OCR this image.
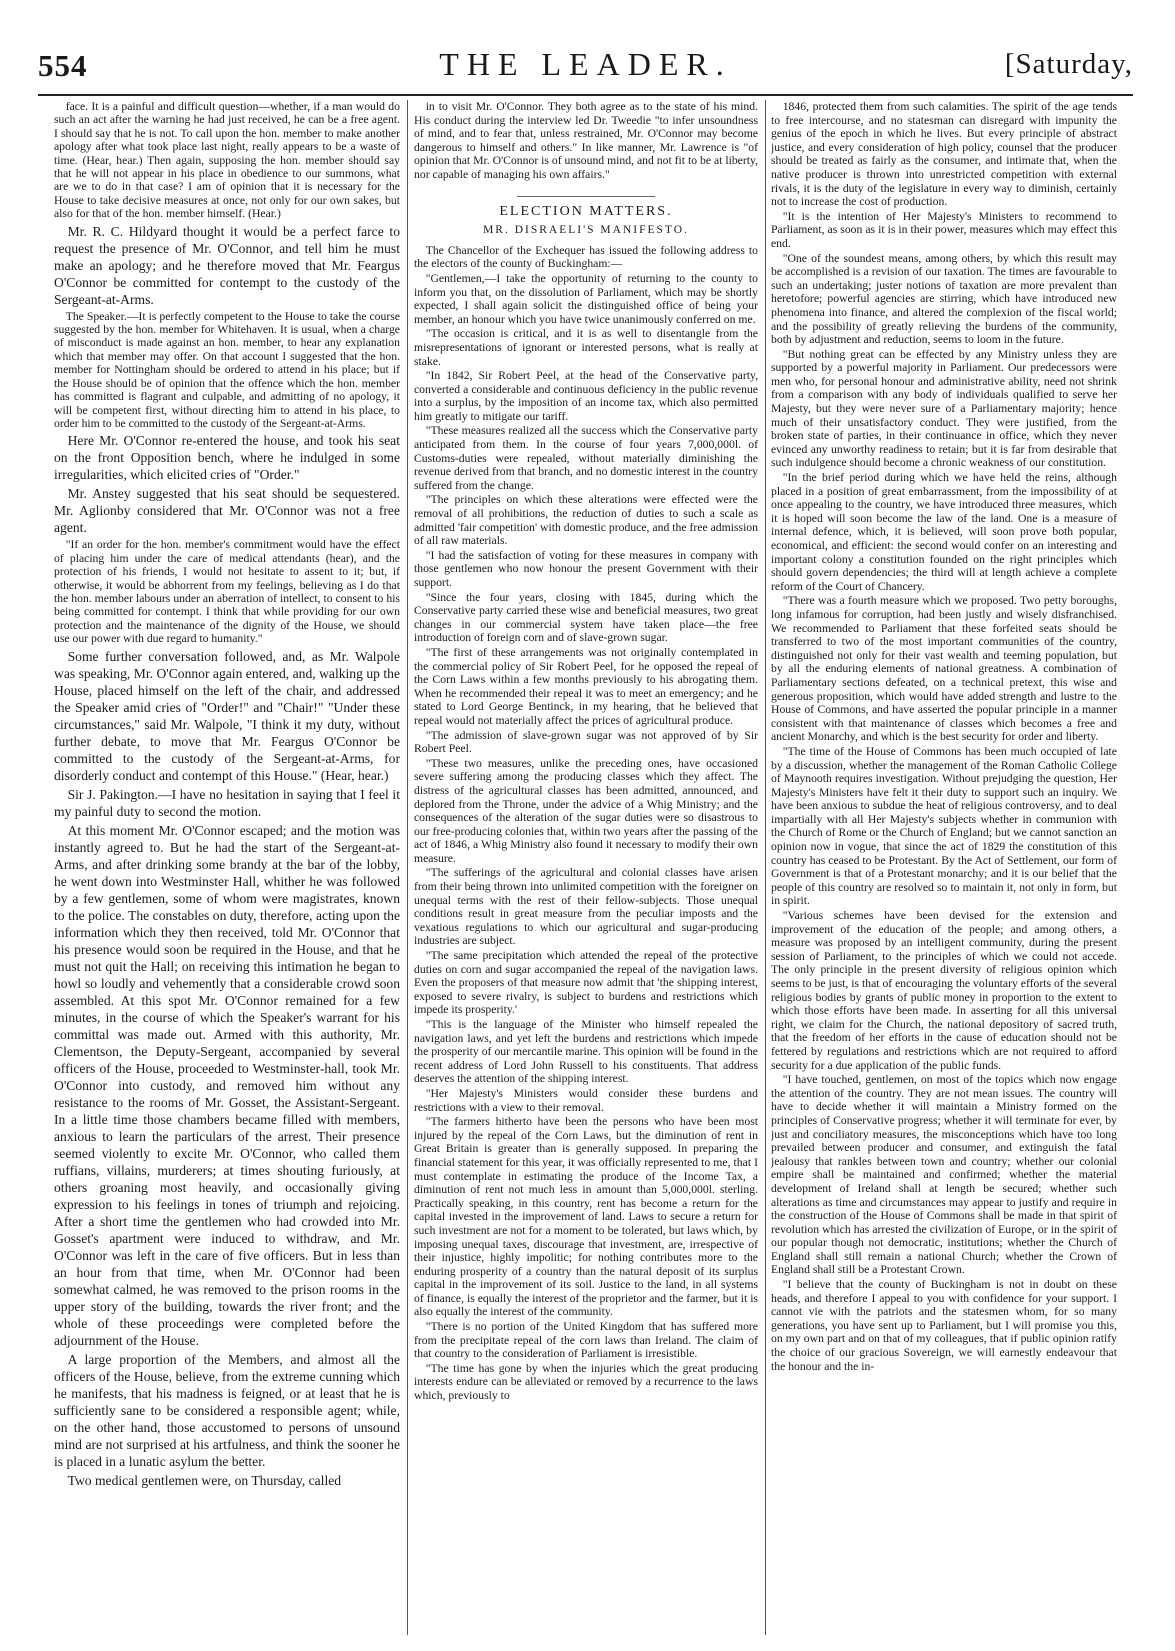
554	THE LEADER.	[Saturday,

face. It is a painful and difficult question—whether, if a man would do such an act after the warning he had just received, he can be a free agent. I should say that he is not. To call upon the hon. member to make another apology after what took place last night, really appears to be a waste of time. (Hear, hear.) Then again, supposing the hon. member should say that he will not appear in his place in obedience to our summons, what are we to do in that case? I am of opinion that it is necessary for the House to take decisive measures at once, not only for our own sakes, but also for that of the hon. member himself. (Hear.)

Mr. R. C. Hildyard thought it would be a perfect farce to request the presence of Mr. O'Connor, and tell him he must make an apology; and he therefore moved that Mr. Feargus O'Connor be committed for contempt to the custody of the Sergeant-at-Arms.

The Speaker.—It is perfectly competent to the House to take the course suggested by the hon. member for Whitehaven. It is usual, when a charge of misconduct is made against an hon. member, to hear any explanation which that member may offer. On that account I suggested that the hon. member for Nottingham should be ordered to attend in his place; but if the House should be of opinion that the offence which the hon. member has committed is flagrant and culpable, and admitting of no apology, it will be competent first, without directing him to attend in his place, to order him to be committed to the custody of the Sergeant-at-Arms.

Here Mr. O'Connor re-entered the house, and took his seat on the front Opposition bench, where he indulged in some irregularities, which elicited cries of "Order."

Mr. Anstey suggested that his seat should be sequestered. Mr. Aglionby considered that Mr. O'Connor was not a free agent.

"If an order for the hon. member's commitment would have the effect of placing him under the care of medical attendants (hear), and the protection of his friends, I would not hesitate to assent to it; but, if otherwise, it would be abhorrent from my feelings, believing as I do that the hon. member labours under an aberration of intellect, to consent to his being committed for contempt. I think that while providing for our own protection and the maintenance of the dignity of the House, we should use our power with due regard to humanity."

Some further conversation followed, and, as Mr. Walpole was speaking, Mr. O'Connor again entered, and, walking up the House, placed himself on the left of the chair, and addressed the Speaker amid cries of "Order!" and "Chair!" "Under these circumstances," said Mr. Walpole, "I think it my duty, without further debate, to move that Mr. Feargus O'Connor be committed to the custody of the Sergeant-at-Arms, for disorderly conduct and contempt of this House." (Hear, hear.)

Sir J. Pakington.—I have no hesitation in saying that I feel it my painful duty to second the motion.

At this moment Mr. O'Connor escaped; and the motion was instantly agreed to. But he had the start of the Sergeant-at-Arms, and after drinking some brandy at the bar of the lobby, he went down into Westminster Hall, whither he was followed by a few gentlemen, some of whom were magistrates, known to the police. The constables on duty, therefore, acting upon the information which they then received, told Mr. O'Connor that his presence would soon be required in the House, and that he must not quit the Hall; on receiving this intimation he began to howl so loudly and vehemently that a considerable crowd soon assembled. At this spot Mr. O'Connor remained for a few minutes, in the course of which the Speaker's warrant for his committal was made out. Armed with this authority, Mr. Clementson, the Deputy-Sergeant, accompanied by several officers of the House, proceeded to Westminster-hall, took Mr. O'Connor into custody, and removed him without any resistance to the rooms of Mr. Gosset, the Assistant-Sergeant. In a little time those chambers became filled with members, anxious to learn the particulars of the arrest. Their presence seemed violently to excite Mr. O'Connor, who called them ruffians, villains, murderers; at times shouting furiously, at others groaning most heavily, and occasionally giving expression to his feelings in tones of triumph and rejoicing. After a short time the gentlemen who had crowded into Mr. Gosset's apartment were induced to withdraw, and Mr. O'Connor was left in the care of five officers. But in less than an hour from that time, when Mr. O'Connor had been somewhat calmed, he was removed to the prison rooms in the upper story of the building, towards the river front; and the whole of these proceedings were completed before the adjournment of the House.

A large proportion of the Members, and almost all the officers of the House, believe, from the extreme cunning which he manifests, that his madness is feigned, or at least that he is sufficiently sane to be considered a responsible agent; while, on the other hand, those accustomed to persons of unsound mind are not surprised at his artfulness, and think the sooner he is placed in a lunatic asylum the better.

Two medical gentlemen were, on Thursday, called

in to visit Mr. O'Connor. They both agree as to the state of his mind. His conduct during the interview led Dr. Tweedie "to infer unsoundness of mind, and to fear that, unless restrained, Mr. O'Connor may become dangerous to himself and others." In like manner, Mr. Lawrence is "of opinion that Mr. O'Connor is of unsound mind, and not fit to be at liberty, nor capable of managing his own affairs."

ELECTION MATTERS.

MR. DISRAELI'S MANIFESTO.

The Chancellor of the Exchequer has issued the following address to the electors of the county of Buckingham:—

"Gentlemen,—I take the opportunity of returning to the county to inform you that, on the dissolution of Parliament, which may be shortly expected, I shall again solicit the distinguished office of being your member, an honour which you have twice unanimously conferred on me.

"The occasion is critical, and it is as well to disentangle from the misrepresentations of ignorant or interested persons, what is really at stake.

"In 1842, Sir Robert Peel, at the head of the Conservative party, converted a considerable and continuous deficiency in the public revenue into a surplus, by the imposition of an income tax, which also permitted him greatly to mitigate our tariff.

"These measures realized all the success which the Conservative party anticipated from them. In the course of four years 7,000,000l. of Customs-duties were repealed, without materially diminishing the revenue derived from that branch, and no domestic interest in the country suffered from the change.

"The principles on which these alterations were effected were the removal of all prohibitions, the reduction of duties to such a scale as admitted 'fair competition' with domestic produce, and the free admission of all raw materials.

"I had the satisfaction of voting for these measures in company with those gentlemen who now honour the present Government with their support.

"Since the four years, closing with 1845, during which the Conservative party carried these wise and beneficial measures, two great changes in our commercial system have taken place—the free introduction of foreign corn and of slave-grown sugar.

"The first of these arrangements was not originally contemplated in the commercial policy of Sir Robert Peel, for he opposed the repeal of the Corn Laws within a few months previously to his abrogating them. When he recommended their repeal it was to meet an emergency; and he stated to Lord George Bentinck, in my hearing, that he believed that repeal would not materially affect the prices of agricultural produce.

"The admission of slave-grown sugar was not approved of by Sir Robert Peel.

"These two measures, unlike the preceding ones, have occasioned severe suffering among the producing classes which they affect. The distress of the agricultural classes has been admitted, announced, and deplored from the Throne, under the advice of a Whig Ministry; and the consequences of the alteration of the sugar duties were so disastrous to our free-producing colonies that, within two years after the passing of the act of 1846, a Whig Ministry also found it necessary to modify their own measure.

"The sufferings of the agricultural and colonial classes have arisen from their being thrown into unlimited competition with the foreigner on unequal terms with the rest of their fellow-subjects. Those unequal conditions result in great measure from the peculiar imposts and the vexatious regulations to which our agricultural and sugar-producing industries are subject.

"The same precipitation which attended the repeal of the protective duties on corn and sugar accompanied the repeal of the navigation laws. Even the proposers of that measure now admit that 'the shipping interest, exposed to severe rivalry, is subject to burdens and restrictions which impede its prosperity.'

"This is the language of the Minister who himself repealed the navigation laws, and yet left the burdens and restrictions which impede the prosperity of our mercantile marine. This opinion will be found in the recent address of Lord John Russell to his constituents. That address deserves the attention of the shipping interest.

"Her Majesty's Ministers would consider these burdens and restrictions with a view to their removal.

"The farmers hitherto have been the persons who have been most injured by the repeal of the Corn Laws, but the diminution of rent in Great Britain is greater than is generally supposed. In preparing the financial statement for this year, it was officially represented to me, that I must contemplate in estimating the produce of the Income Tax, a diminution of rent not much less in amount than 5,000,000l. sterling. Practically speaking, in this country, rent has become a return for the capital invested in the improvement of land. Laws to secure a return for such investment are not for a moment to be tolerated, but laws which, by imposing unequal taxes, discourage that investment, are, irrespective of their injustice, highly impolitic; for nothing contributes more to the enduring prosperity of a country than the natural deposit of its surplus capital in the improvement of its soil. Justice to the land, in all systems of finance, is equally the interest of the proprietor and the farmer, but it is also equally the interest of the community.

"There is no portion of the United Kingdom that has suffered more from the precipitate repeal of the corn laws than Ireland. The claim of that country to the consideration of Parliament is irresistible.

"The time has gone by when the injuries which the great producing interests endure can be alleviated or removed by a recurrence to the laws which, previously to

1846, protected them from such calamities. The spirit of the age tends to free intercourse, and no statesman can disregard with impunity the genius of the epoch in which he lives. But every principle of abstract justice, and every consideration of high policy, counsel that the producer should be treated as fairly as the consumer, and intimate that, when the native producer is thrown into unrestricted competition with external rivals, it is the duty of the legislature in every way to diminish, certainly not to increase the cost of production.

"It is the intention of Her Majesty's Ministers to recommend to Parliament, as soon as it is in their power, measures which may effect this end.

"One of the soundest means, among others, by which this result may be accomplished is a revision of our taxation. The times are favourable to such an undertaking; juster notions of taxation are more prevalent than heretofore; powerful agencies are stirring, which have introduced new phenomena into finance, and altered the complexion of the fiscal world; and the possibility of greatly relieving the burdens of the community, both by adjustment and reduction, seems to loom in the future.

"But nothing great can be effected by any Ministry unless they are supported by a powerful majority in Parliament. Our predecessors were men who, for personal honour and administrative ability, need not shrink from a comparison with any body of individuals qualified to serve her Majesty, but they were never sure of a Parliamentary majority; hence much of their unsatisfactory conduct. They were justified, from the broken state of parties, in their continuance in office, which they never evinced any unworthy readiness to retain; but it is far from desirable that such indulgence should become a chronic weakness of our constitution.

"In the brief period during which we have held the reins, although placed in a position of great embarrassment, from the impossibility of at once appealing to the country, we have introduced three measures, which it is hoped will soon become the law of the land. One is a measure of internal defence, which, it is believed, will soon prove both popular, economical, and efficient: the second would confer on an interesting and important colony a constitution founded on the right principles which should govern dependencies; the third will at length achieve a complete reform of the Court of Chancery.

"There was a fourth measure which we proposed. Two petty boroughs, long infamous for corruption, had been justly and wisely disfranchised. We recommended to Parliament that these forfeited seats should be transferred to two of the most important communities of the country, distinguished not only for their vast wealth and teeming population, but by all the enduring elements of national greatness. A combination of Parliamentary sections defeated, on a technical pretext, this wise and generous proposition, which would have added strength and lustre to the House of Commons, and have asserted the popular principle in a manner consistent with that maintenance of classes which becomes a free and ancient Monarchy, and which is the best security for order and liberty.

"The time of the House of Commons has been much occupied of late by a discussion, whether the management of the Roman Catholic College of Maynooth requires investigation. Without prejudging the question, Her Majesty's Ministers have felt it their duty to support such an inquiry. We have been anxious to subdue the heat of religious controversy, and to deal impartially with all Her Majesty's subjects whether in communion with the Church of Rome or the Church of England; but we cannot sanction an opinion now in vogue, that since the act of 1829 the constitution of this country has ceased to be Protestant. By the Act of Settlement, our form of Government is that of a Protestant monarchy; and it is our belief that the people of this country are resolved so to maintain it, not only in form, but in spirit.

"Various schemes have been devised for the extension and improvement of the education of the people; and among others, a measure was proposed by an intelligent community, during the present session of Parliament, to the principles of which we could not accede. The only principle in the present diversity of religious opinion which seems to be just, is that of encouraging the voluntary efforts of the several religious bodies by grants of public money in proportion to the extent to which those efforts have been made. In asserting for all this universal right, we claim for the Church, the national depository of sacred truth, that the freedom of her efforts in the cause of education should not be fettered by regulations and restrictions which are not required to afford security for a due application of the public funds.

"I have touched, gentlemen, on most of the topics which now engage the attention of the country. They are not mean issues. The country will have to decide whether it will maintain a Ministry formed on the principles of Conservative progress; whether it will terminate for ever, by just and conciliatory measures, the misconceptions which have too long prevailed between producer and consumer, and extinguish the fatal jealousy that rankles between town and country; whether our colonial empire shall be maintained and confirmed; whether the material development of Ireland shall at length be secured; whether such alterations as time and circumstances may appear to justify and require in the construction of the House of Commons shall be made in that spirit of revolution which has arrested the civilization of Europe, or in the spirit of our popular though not democratic, institutions; whether the Church of England shall still remain a national Church; whether the Crown of England shall still be a Protestant Crown.

"I believe that the county of Buckingham is not in doubt on these heads, and therefore I appeal to you with confidence for your support. I cannot vie with the patriots and the statesmen whom, for so many generations, you have sent up to Parliament, but I will promise you this, on my own part and on that of my colleagues, that if public opinion ratify the choice of our gracious Sovereign, we will earnestly endeavour that the honour and the in-
